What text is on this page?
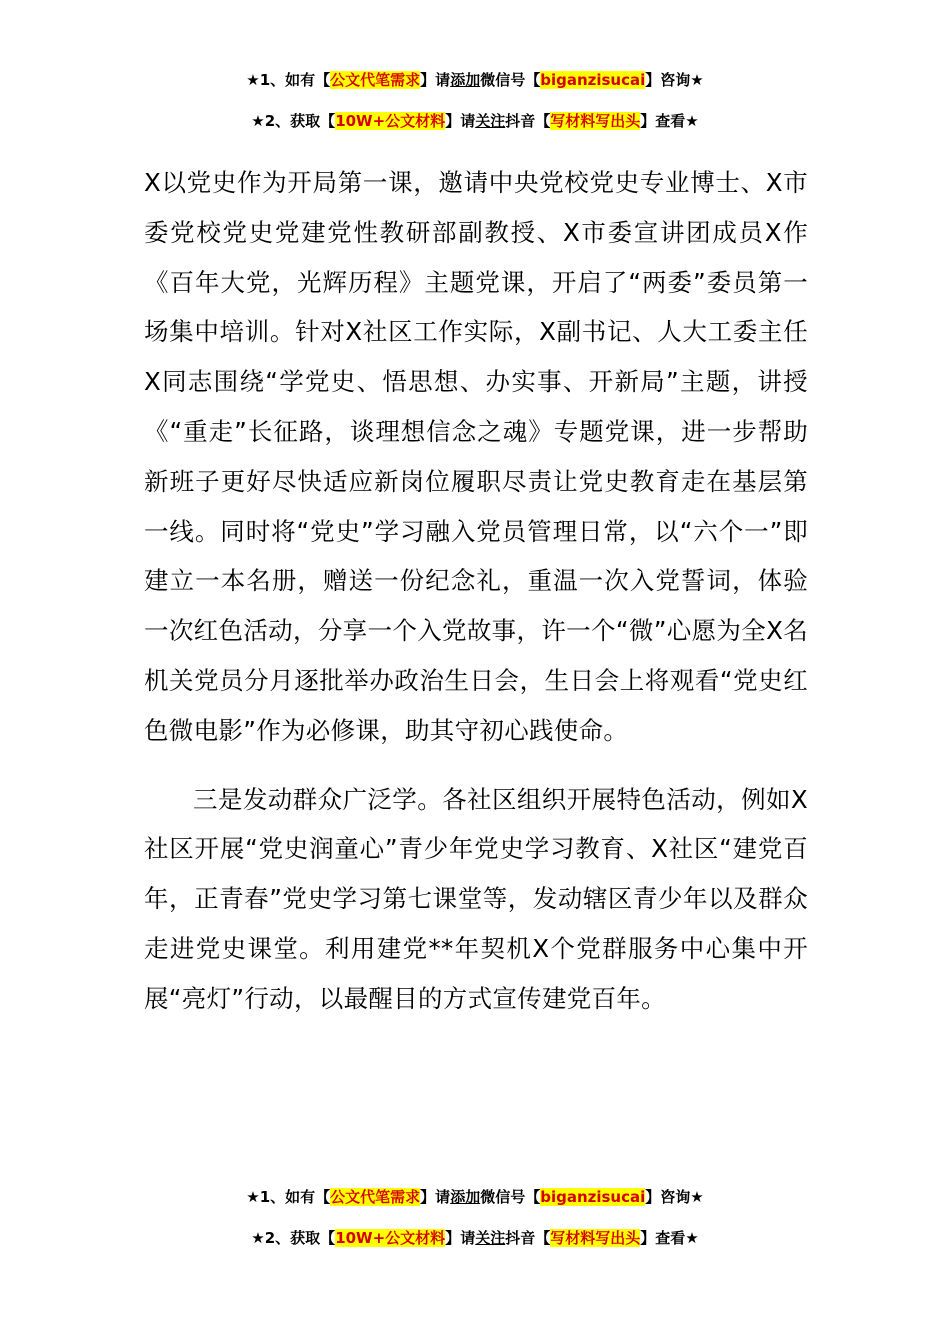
★1、如有【公文代笔需求】请添加微信号【biganzisucai】咨询★
★2、获取【10W+公文材料】请关注抖音【写材料写出头】查看★

X以党史作为开局第一课，邀请中央党校党史专业博士、X市委党校党史党建党性教研部副教授、X市委宣讲团成员X作《百年大党，光辉历程》主题党课，开启了“两委”委员第一场集中培训。针对X社区工作实际，X副书记、人大工委主任X同志围绕“学党史、悟思想、办实事、开新局”主题，讲授《“重走”长征路，谈理想信念之魂》专题党课，进一步帮助新班子更好尽快适应新岗位履职尽责让党史教育走在基层第一线。同时将“党史”学习融入党员管理日常，以“六个一”即建立一本名册，赠送一份纪念礼，重温一次入党誓词，体验一次红色活动，分享一个入党故事，许一个“微”心愿为全X名机关党员分月逐批举办政治生日会，生日会上将观看“党史红色微电影”作为必修课，助其守初心践使命。

三是发动群众广泛学。各社区组织开展特色活动，例如X社区开展“党史润童心”青少年党史学习教育、X社区“建党百年，正青春”党史学习第七课堂等，发动辖区青少年以及群众走进党史课堂。利用建党**年契机X个党群服务中心集中开展“亮灯”行动，以最醒目的方式宣传建党百年。

★1、如有【公文代笔需求】请添加微信号【biganzisucai】咨询★
★2、获取【10W+公文材料】请关注抖音【写材料写出头】查看★
